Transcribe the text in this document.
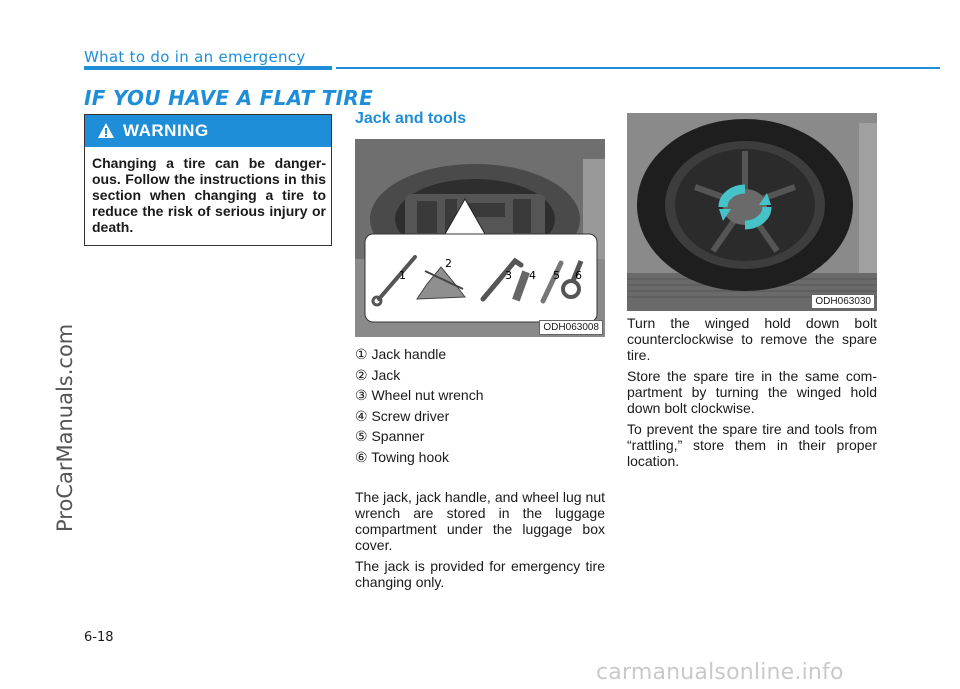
What to do in an emergency
IF YOU HAVE A FLAT TIRE
WARNING
Changing a tire can be danger-ous. Follow the instructions in this section when changing a tire to reduce the risk of serious injury or death.
Jack and tools
1
2
3 4 5 6
ODH063008
① Jack handle
② Jack
③ Wheel nut wrench
④ Screw driver
⑤ Spanner
⑥ Towing hook

The jack, jack handle, and wheel lug nut wrench are stored in the luggage compartment under the luggage box cover.

The jack is provided for emergency tire changing only.

ODH063030

Turn the winged hold down bolt counterclockwise to remove the spare tire.

Store the spare tire in the same com-partment by turning the winged hold down bolt clockwise.

To prevent the spare tire and tools from “rattling,” store them in their proper location.

6-18
ProCarManuals.com
carmanualsonline.info
